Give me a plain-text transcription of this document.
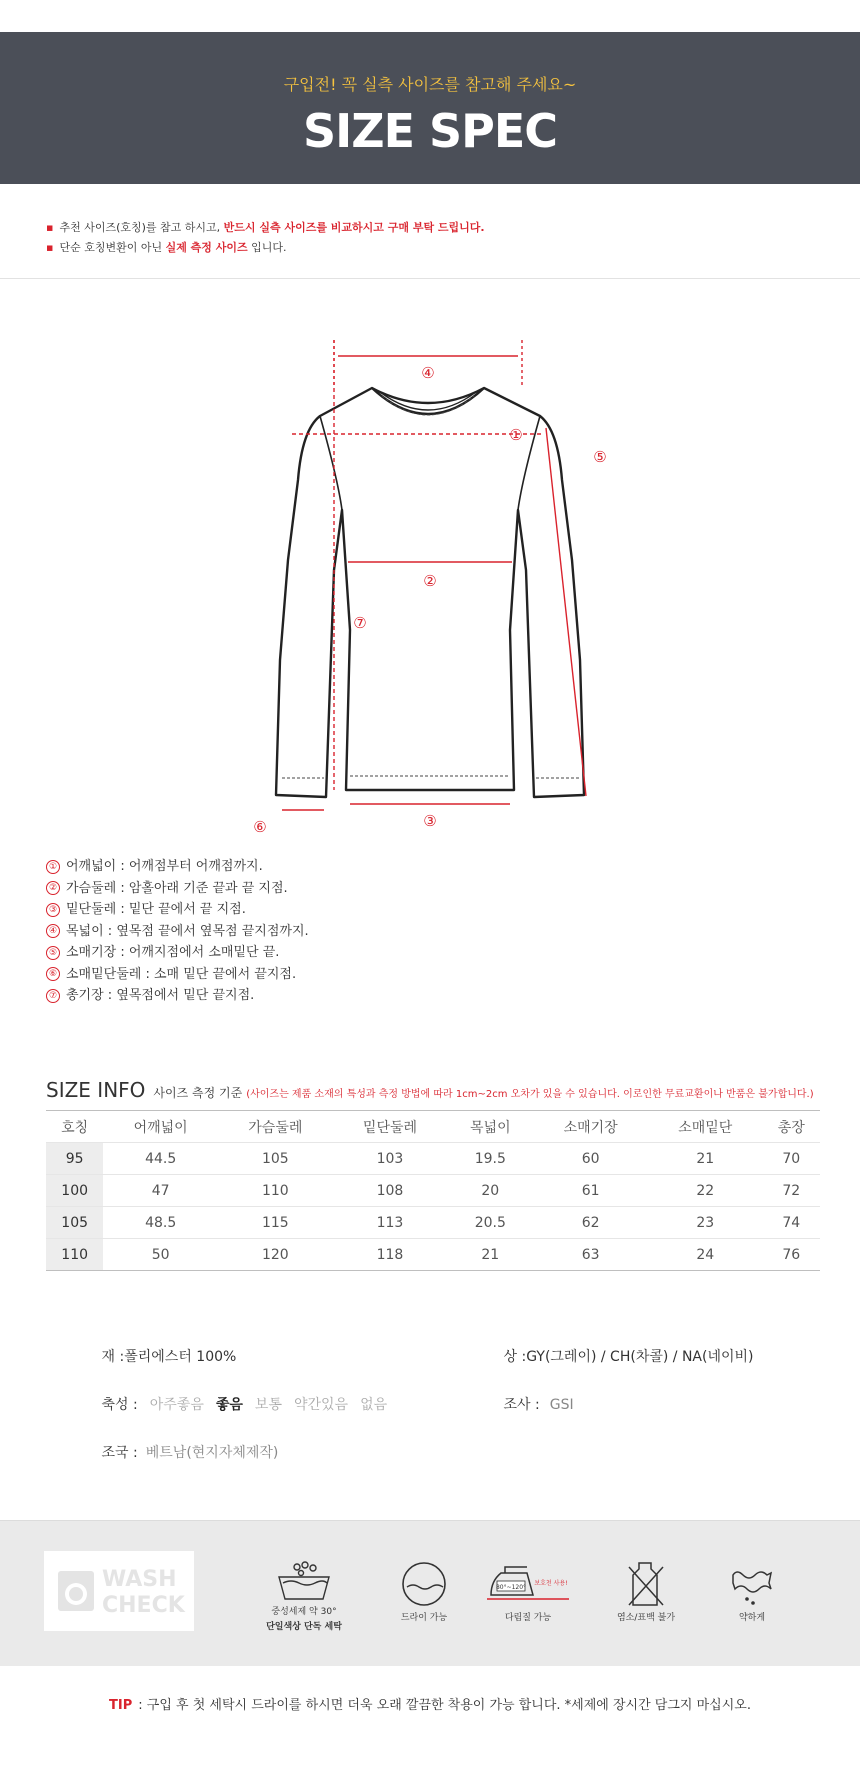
구입전! 꼭 실측 사이즈를 참고해 주세요~
SIZE SPEC
▪ 추천 사이즈(호칭)를 참고 하시고, 반드시 실측 사이즈를 비교하시고 구매 부탁 드립니다.
▪ 단순 호칭변환이 아닌 실제 측정 사이즈 입니다.
④
①
⑤
②
⑦
③
⑥
① 어깨넓이 : 어깨점부터 어깨점까지.
② 가슴둘레 : 암홀아래 기준 끝과 끝 지점.
③ 밑단둘레 : 밑단 끝에서 끝 지점.
④ 목넓이 : 옆목점 끝에서 옆목점 끝지점까지.
⑤ 소매기장 : 어깨지점에서 소매밑단 끝.
⑥ 소매밑단둘레 : 소매 밑단 끝에서 끝지점.
⑦ 총기장 : 옆목점에서 밑단 끝지점.
SIZE INFO 사이즈 측정 기준 (사이즈는 제품 소재의 특성과 측정 방법에 따라 1cm~2cm 오차가 있을 수 있습니다. 이로인한 무료교환이나 반품은 불가합니다.)
호칭	어깨넓이	가슴둘레	밑단둘레	목넓이	소매기장	소매밑단	총장
95	44.5	105	103	19.5	60	21	70
100	47	110	108	20	61	22	72
105	48.5	115	113	20.5	62	23	74
110	50	120	118	21	63	24	76
소재 :폴리에스터 100%	색상 :GY(그레이) / CH(차콜) / NA(네이비)
신축성 :아주좋음 좋음 보통 약간있음 없음	제조사 :GSI
제조국 :베트남(현지자체제작)
WASH
CHECK	중성세제 약 30°
단일색상 단독 세탁
드라이 가능
80°~120°
보호천 사용!
다림질 가능	염소/표백 불가	약하게
TIP : 구입 후 첫 세탁시 드라이를 하시면 더욱 오래 깔끔한 착용이 가능 합니다. *세제에 장시간 담그지 마십시오.
